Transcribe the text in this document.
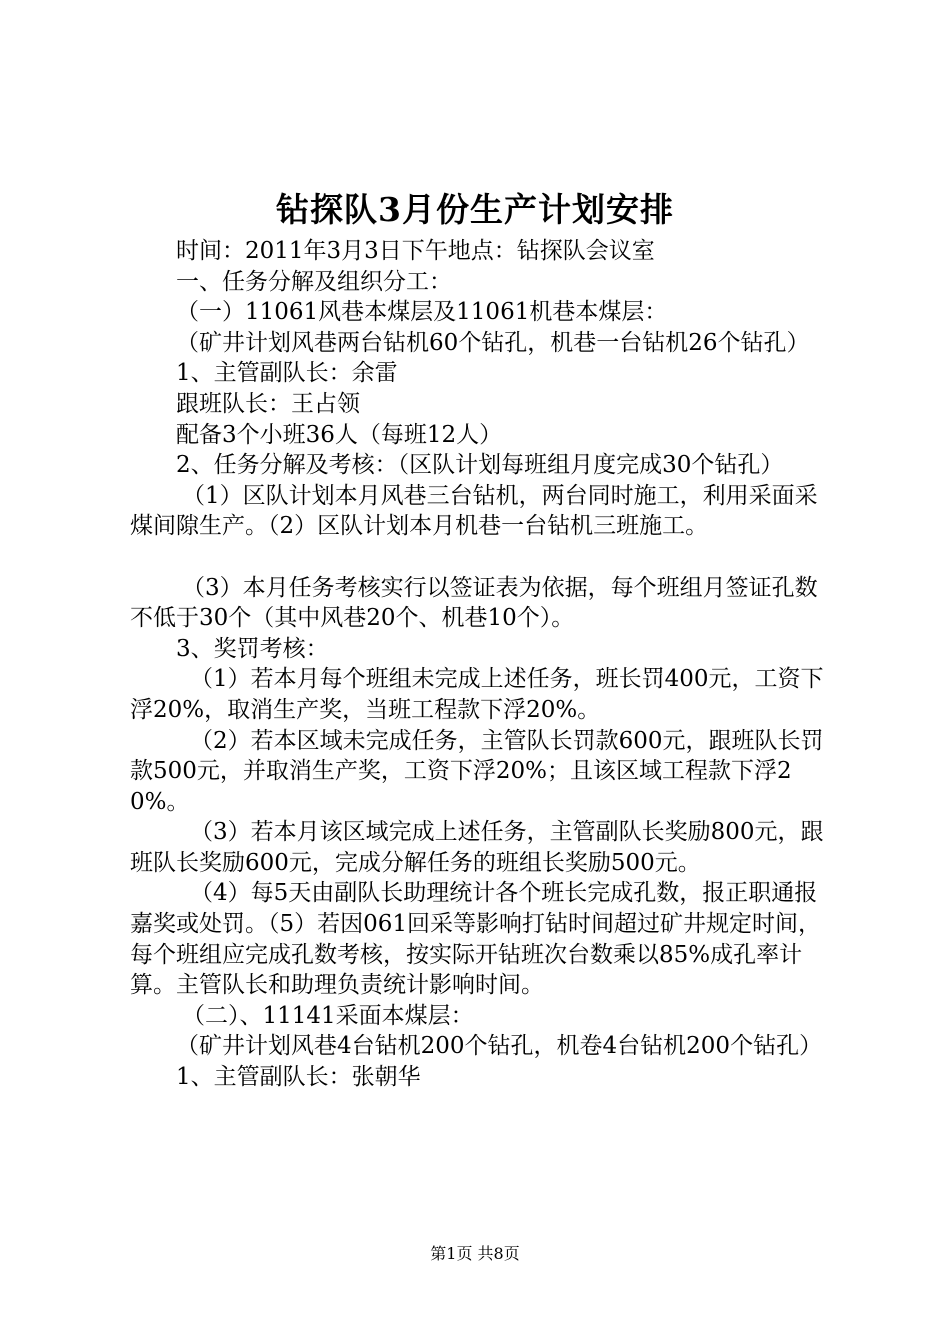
钻探队3月份生产计划安排

时间：2011年3月3日下午地点：钻探队会议室

一、任务分解及组织分工：

（一）11061风巷本煤层及11061机巷本煤层：

（矿井计划风巷两台钻机60个钻孔，机巷一台钻机26个钻孔）

1、主管副队长：余雷

跟班队长：王占领

配备3个小班36人（每班12人）

2、任务分解及考核：（区队计划每班组月度完成30个钻孔）

（1）区队计划本月风巷三台钻机，两台同时施工，利用采面采煤间隙生产。（2）区队计划本月机巷一台钻机三班施工。

（3）本月任务考核实行以签证表为依据，每个班组月签证孔数不低于30个（其中风巷20个、机巷10个）。

3、奖罚考核：

（1）若本月每个班组未完成上述任务，班长罚400元，工资下浮20%，取消生产奖，当班工程款下浮20%。

（2）若本区域未完成任务，主管队长罚款600元，跟班队长罚款500元，并取消生产奖，工资下浮20%；且该区域工程款下浮20%。

（3）若本月该区域完成上述任务，主管副队长奖励800元，跟班队长奖励600元，完成分解任务的班组长奖励500元。

（4）每5天由副队长助理统计各个班长完成孔数，报正职通报嘉奖或处罚。（5）若因061回采等影响打钻时间超过矿井规定时间，每个班组应完成孔数考核，按实际开钻班次台数乘以85%成孔率计算。主管队长和助理负责统计影响时间。

（二）、11141采面本煤层：

（矿井计划风巷4台钻机200个钻孔，机卷4台钻机200个钻孔）

1、主管副队长：张朝华

第1页 共8页
